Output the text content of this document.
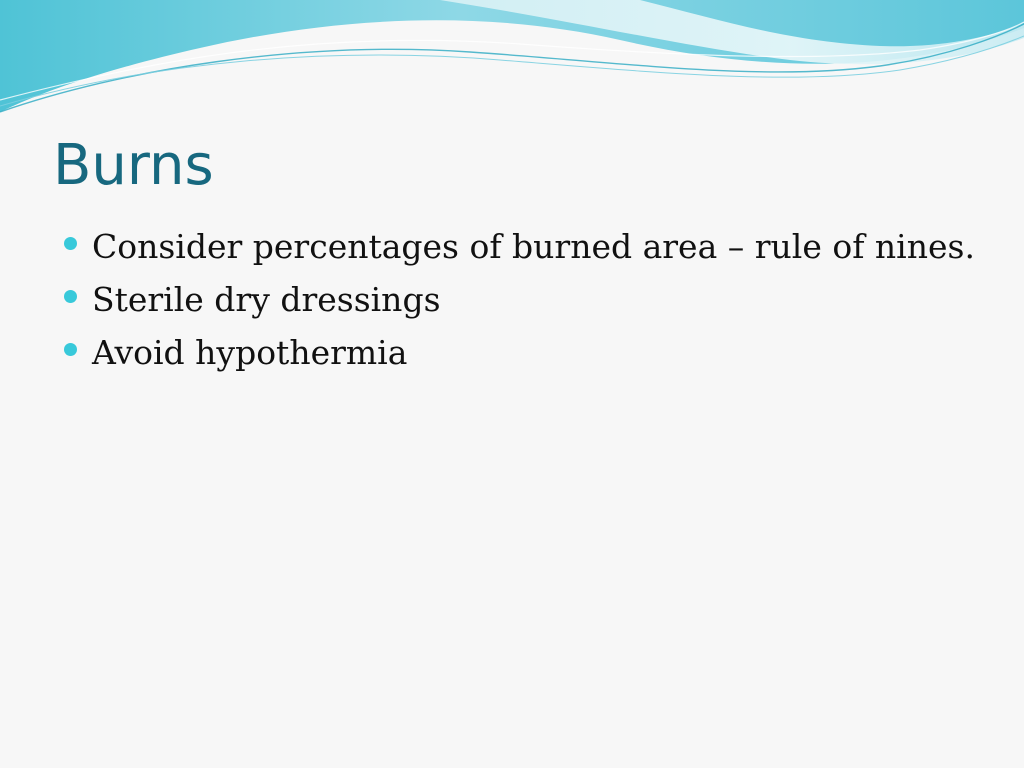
Burns
Consider percentages of burned area – rule of nines.
Sterile dry dressings
Avoid hypothermia
